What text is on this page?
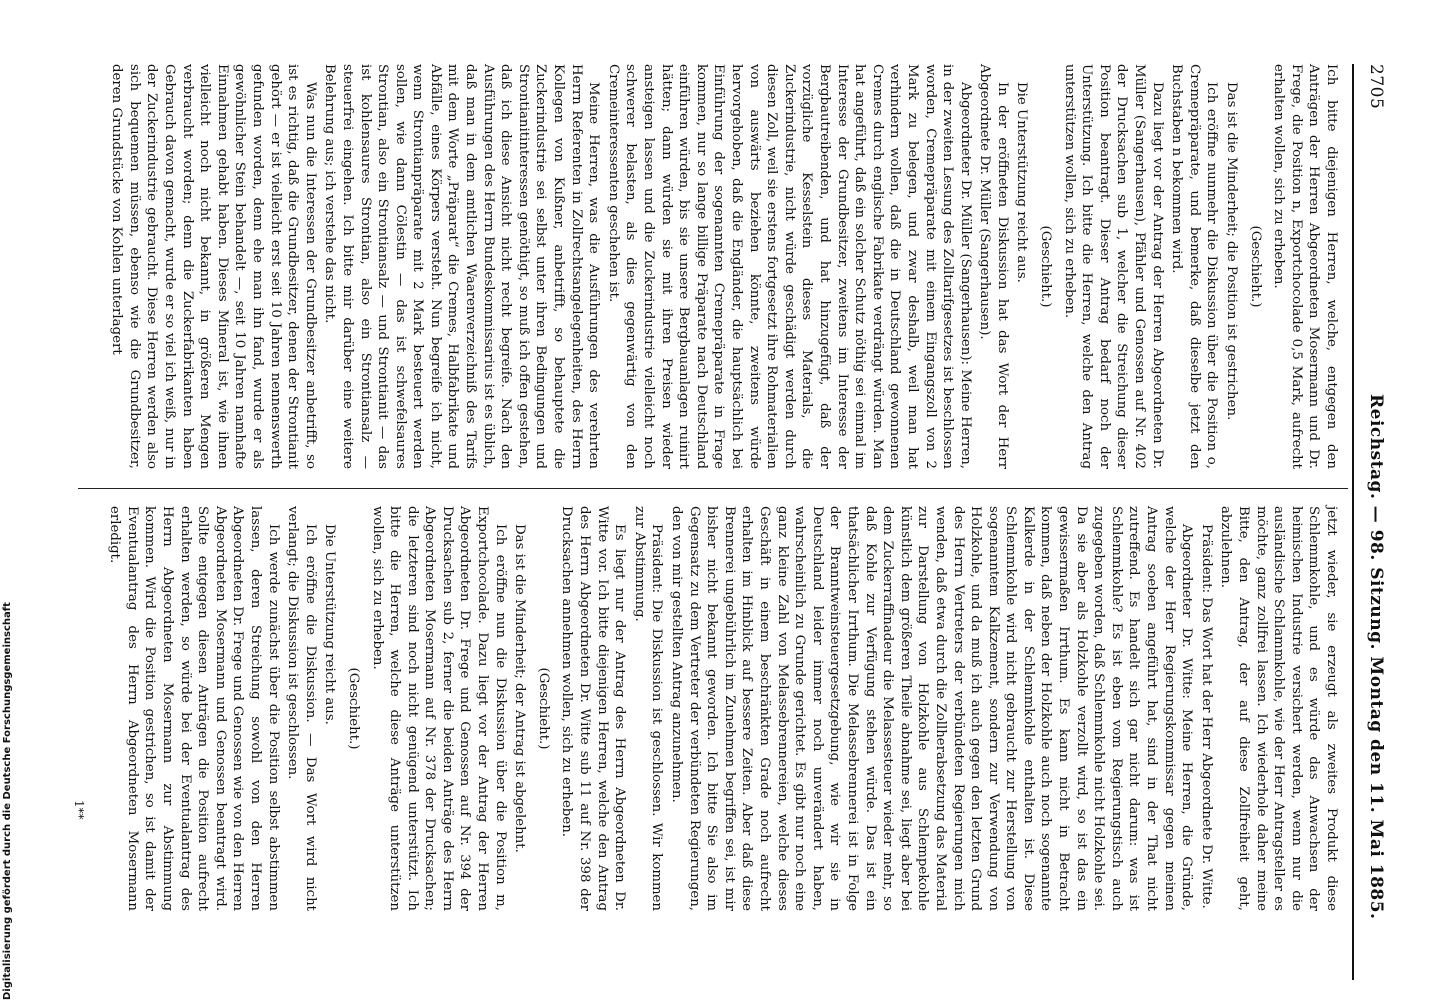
2705
Reichstag. — 98. Sitzung. Montag den 11. Mai 1885.

Ich bitte diejenigen Herren, welche, entgegen den Anträgen der Herren Abgeordneten Mosermann und Dr. Frege, die Position n, Exportchocolade 0,5 Mark, aufrecht erhalten wollen, sich zu erheben.

(Geschieht.)

Das ist die Minderheit; die Position ist gestrichen.

Ich eröffne nunmehr die Diskussion über die Position o, Cremepräparate, und bemerke, daß dieselbe jetzt den Buchstaben n bekommen wird.

Dazu liegt vor der Antrag der Herren Abgeordneten Dr. Müller (Sangerhausen), Pfähler und Genossen auf Nr. 402 der Drucksachen sub 1, welcher die Streichung dieser Position beantragt. Dieser Antrag bedarf noch der Unterstützung. Ich bitte die Herren, welche den Antrag unterstützen wollen, sich zu erheben.

(Geschieht.)

Die Unterstützung reicht aus.

In der eröffneten Diskussion hat das Wort der Herr Abgeordnete Dr. Müller (Sangerhausen).

Abgeordneter Dr. Müller (Sangerhausen): Meine Herren, in der zweiten Lesung des Zolltarifgesetzes ist beschlossen worden, Cremepräparate mit einem Eingangszoll von 2 Mark zu belegen, und zwar deshalb, weil man hat verhindern wollen, daß die in Deutschland gewonnenen Cremes durch englische Fabrikate verdrängt würden. Man hat angeführt, daß ein solcher Schutz nöthig sei einmal im Interesse der Grundbesitzer, zweitens im Interesse der Bergbautreibenden, und hat hinzugefügt, daß der vorzügliche Kesselstein dieses Materials, die Zuckerindustrie, nicht würde geschädigt werden durch diesen Zoll, weil sie erstens fortgesetzt ihre Rohmaterialien von auswärts beziehen könnte, zweitens würde hervorgehoben, daß die Engländer, die hauptsächlich bei Einführung der sogenannten Cremepräparate in Frage kommen, nur so lange billige Präparate nach Deutschland einführen würden, bis sie unsere Bergbauanlagen ruinirt hätten; dann würden sie mit ihren Preisen wieder ansteigen lassen und die Zuckerindustrie vielleicht noch schwerer belasten, als dies gegenwärtig von den Cremeinteressenten geschehen ist.

Meine Herren, was die Ausführungen des verehrten Herrn Referenten in Zollrechtsangelegenheiten, des Herrn Kollegen von Kußner, anbetrifft, so behauptete die Zuckerindustrie sei selbst unter ihren Bedingungen und Strontianitinteressen genöthigt, so muß ich offen gestehen, daß ich diese Ansicht nicht recht begreife. Nach den Ausführungen des Herrn Bundeskommissarius ist es üblich, daß man in dem amtlichen Waarenverzeichniß des Tarifs mit dem Worte „Präparat“ die Cremes, Halbfabrikate und Abfälle, eines Körpers versteht. Nun begreife ich nicht, wenn Strontianpräparate mit 2 Mark besteuert werden sollen, wie dann Cölestin — das ist schwefelsaures Strontian, also ein Strontiansalz — und Strontianit — das ist kohlensaures Strontian, also ein Strontiansalz — steuerfrei eingehen. Ich bitte mir darüber eine weitere Belehrung aus; ich verstehe das nicht.

Was nun die Interessen der Grundbesitzer anbetrifft, so ist es richtig, daß die Grundbesitzer, denen der Strontianit gehört — er ist vielleicht erst seit 10 Jahren nennenswerth gefunden worden, denn ehe man ihn fand, wurde er als gewöhnlicher Stein behandelt —, seit 10 Jahren namhafte Einnahmen gehabt haben. Dieses Mineral ist, wie ihnen vielleicht noch nicht bekannt, in größeren Mengen verbraucht worden; denn die Zuckerfabrikanten haben Gebrauch davon gemacht, wurde er so viel ich weiß, nur in der Zuckerindustrie gebraucht. Diese Herren werden also sich bequemen müssen, ebenso wie die Grundbesitzer, deren Grundstücke von Kohlen unterlagert

jetzt wieder, sie erzeugt als zweites Produkt diese Schlemmkohle, und es würde das Anwachsen der heimischen Industrie versichert werden, wenn nur die ausländische Schlammkohle, wie der Herr Antragsteller es möchte, ganz zollfrei lassen. Ich wiederhole daher meine Bitte, den Antrag, der auf diese Zollfreiheit geht, abzulehnen.

Präsident: Das Wort hat der Herr Abgeordnete Dr. Witte.

Abgeordneter Dr. Witte: Meine Herren, die Gründe, welche der Herr Regierungskommissar gegen meinen Antrag soeben angeführt hat, sind in der That nicht zutreffend. Es handelt sich gar nicht darum: was ist Schlemmkohle? Es ist eben vom Regierungstisch auch zugegeben worden, daß Schlemmkohle nicht Holzkohle sei. Da sie aber als Holzkohle verzollt wird, so ist das ein gewissermaßen Irrthum. Es kann nicht in Betracht kommen, daß neben der Holzkohle auch noch sogenannte Kalkerde in der Schlemmkohle enthalten ist. Diese Schlemmkohle wird nicht gebraucht zur Herstellung von sogenanntem Kalkzement, sondern zur Verwendung von Holzkohle, und da muß ich auch gegen den letzten Grund des Herrn Vertreters der verbündeten Regierungen mich wenden, daß etwa durch die Zollherabsetzung das Material zur Darstellung von Holzkohle aus Schlempekohle künstlich dem größeren Theile abnahme sei, liegt aber bei dem Zuckerraffinadeur die Melassesteuer wieder mehr, so daß Kohle zur Verfügung stehen würde. Das ist ein thatsächlicher Irrthum. Die Melassebrennerei ist in Folge der Branntweinsteuergesetzgebung, wie wir sie in Deutschland leider immer noch unverändert haben, wahrscheinlich zu Grunde gerichtet. Es gibt nur noch eine ganz kleine Zahl von Melassebrennereien, welche dieses Geschäft in einem beschränkten Grade noch aufrecht erhalten im Hinblick auf bessere Zeiten. Aber daß diese Brennerei ungebührlich im Zunehmen begriffen sei, ist mir bisher nicht bekannt geworden. Ich bitte Sie also im Gegensatz zu dem Vertreter der verbündeten Regierungen, den von mir gestellten Antrag anzunehmen.

Präsident: Die Diskussion ist geschlossen. Wir kommen zur Abstimmung.

Es liegt nur der Antrag des Herrn Abgeordneten Dr. Witte vor. Ich bitte diejenigen Herren, welche den Antrag des Herrn Abgeordneten Dr. Witte sub 11 auf Nr. 398 der Drucksachen annehmen wollen, sich zu erheben.

(Geschieht.)

Das ist die Minderheit; der Antrag ist abgelehnt.

Ich eröffne nun die Diskussion über die Position m, Exportchocolade. Dazu liegt vor der Antrag der Herren Abgeordneten Dr. Frege und Genossen auf Nr. 394 der Drucksachen sub 2, ferner die beiden Anträge des Herrn Abgeordneten Mosermann auf Nr. 378 der Drucksachen; die letzteren sind noch nicht genügend unterstützt. Ich bitte die Herren, welche diese Anträge unterstützen wollen, sich zu erheben.

(Geschieht.)

Die Unterstützung reicht aus.

Ich eröffne die Diskussion. — Das Wort wird nicht verlangt; die Diskussion ist geschlossen.

Ich werde zunächst über die Position selbst abstimmen lassen, deren Streichung sowohl von den Herren Abgeordneten Dr. Frege und Genossen wie von den Herren Abgeordneten Mosermann und Genossen beantragt wird. Sollte entgegen diesen Anträgen die Position aufrecht erhalten werden, so würde bei der Eventualantrag des Herrn Abgeordneten Mosermann zur Abstimmung kommen. Wird die Position gestrichen, so ist damit der Eventualantrag des Herrn Abgeordneten Mosermann erledigt.

1**
Digitalisierung gefördert durch die Deutsche Forschungsgemeinschaft
